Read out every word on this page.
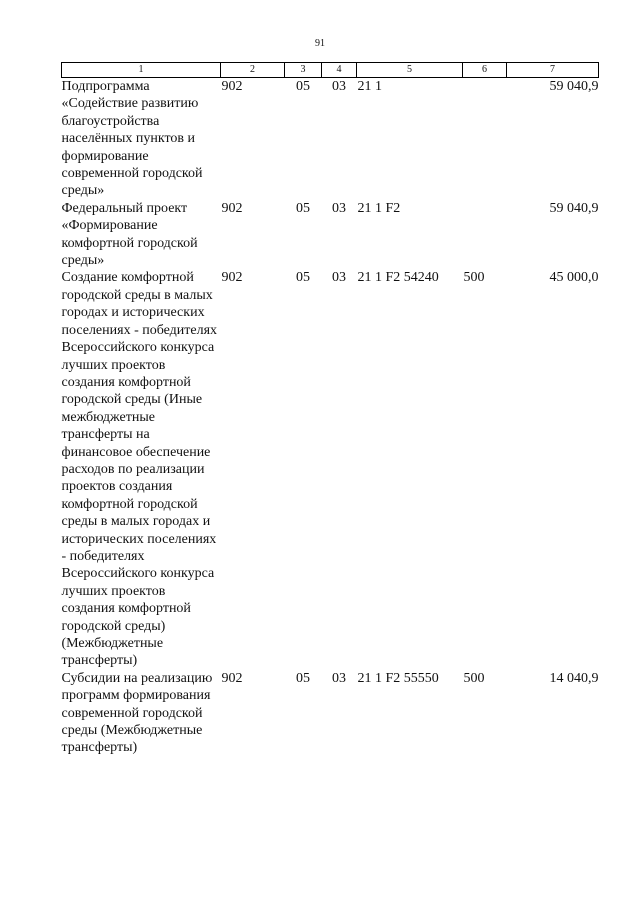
91
1	2	3	4	5	6	7
Подпрограмма «Содействие развитию благоустройства населённых пунктов и формирование современной городской среды»	902	05	03	21 1		59 040,9
Федеральный проект «Формирование комфортной городской среды»	902	05	03	21 1 F2		59 040,9
Создание комфортной городской среды в малых городах и исторических поселениях - победителях Всероссийского конкурса лучших проектов создания комфортной городской среды (Иные межбюджетные трансферты на финансовое обеспечение расходов по реализации проектов создания комфортной городской среды в малых городах и исторических поселениях - победителях Всероссийского конкурса лучших проектов создания комфортной городской среды) (Межбюджетные трансферты)	902	05	03	21 1 F2 54240	500	45 000,0
Субсидии на реализацию программ формирования современной городской среды (Межбюджетные трансферты)	902	05	03	21 1 F2 55550	500	14 040,9
